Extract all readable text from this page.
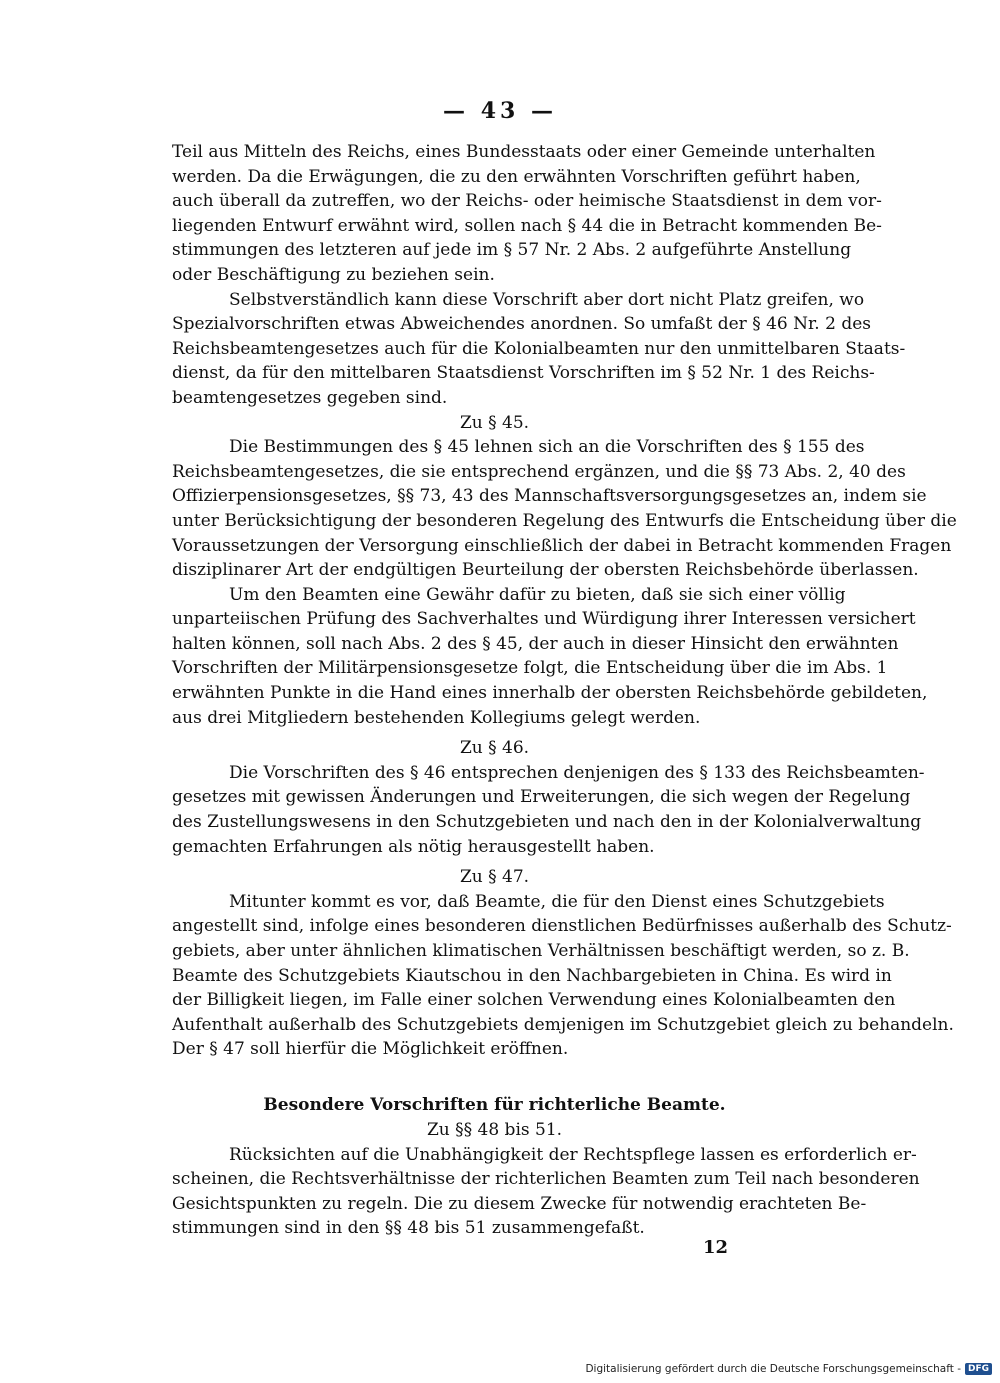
— 43 —
Teil aus Mitteln des Reichs, eines Bundesstaats oder einer Gemeinde unterhalten
werden. Da die Erwägungen, die zu den erwähnten Vorschriften geführt haben,
auch überall da zutreffen, wo der Reichs- oder heimische Staatsdienst in dem vor-
liegenden Entwurf erwähnt wird, sollen nach § 44 die in Betracht kommenden Be-
stimmungen des letzteren auf jede im § 57 Nr. 2 Abs. 2 aufgeführte Anstellung
oder Beschäftigung zu beziehen sein.
Selbstverständlich kann diese Vorschrift aber dort nicht Platz greifen, wo
Spezialvorschriften etwas Abweichendes anordnen. So umfaßt der § 46 Nr. 2 des
Reichsbeamtengesetzes auch für die Kolonialbeamten nur den unmittelbaren Staats-
dienst, da für den mittelbaren Staatsdienst Vorschriften im § 52 Nr. 1 des Reichs-
beamtengesetzes gegeben sind.
Zu § 45.
Die Bestimmungen des § 45 lehnen sich an die Vorschriften des § 155 des
Reichsbeamtengesetzes, die sie entsprechend ergänzen, und die §§ 73 Abs. 2, 40 des
Offizierpensionsgesetzes, §§ 73, 43 des Mannschaftsversorgungsgesetzes an, indem sie
unter Berücksichtigung der besonderen Regelung des Entwurfs die Entscheidung über die
Voraussetzungen der Versorgung einschließlich der dabei in Betracht kommenden Fragen
disziplinarer Art der endgültigen Beurteilung der obersten Reichsbehörde überlassen.
Um den Beamten eine Gewähr dafür zu bieten, daß sie sich einer völlig
unparteiischen Prüfung des Sachverhaltes und Würdigung ihrer Interessen versichert
halten können, soll nach Abs. 2 des § 45, der auch in dieser Hinsicht den erwähnten
Vorschriften der Militärpensionsgesetze folgt, die Entscheidung über die im Abs. 1
erwähnten Punkte in die Hand eines innerhalb der obersten Reichsbehörde gebildeten,
aus drei Mitgliedern bestehenden Kollegiums gelegt werden.
Zu § 46.
Die Vorschriften des § 46 entsprechen denjenigen des § 133 des Reichsbeamten-
gesetzes mit gewissen Änderungen und Erweiterungen, die sich wegen der Regelung
des Zustellungswesens in den Schutzgebieten und nach den in der Kolonialverwaltung
gemachten Erfahrungen als nötig herausgestellt haben.
Zu § 47.
Mitunter kommt es vor, daß Beamte, die für den Dienst eines Schutzgebiets
angestellt sind, infolge eines besonderen dienstlichen Bedürfnisses außerhalb des Schutz-
gebiets, aber unter ähnlichen klimatischen Verhältnissen beschäftigt werden, so z. B.
Beamte des Schutzgebiets Kiautschou in den Nachbargebieten in China. Es wird in
der Billigkeit liegen, im Falle einer solchen Verwendung eines Kolonialbeamten den
Aufenthalt außerhalb des Schutzgebiets demjenigen im Schutzgebiet gleich zu behandeln.
Der § 47 soll hierfür die Möglichkeit eröffnen.
Besondere Vorschriften für richterliche Beamte.
Zu §§ 48 bis 51.
Rücksichten auf die Unabhängigkeit der Rechtspflege lassen es erforderlich er-
scheinen, die Rechtsverhältnisse der richterlichen Beamten zum Teil nach besonderen
Gesichtspunkten zu regeln. Die zu diesem Zwecke für notwendig erachteten Be-
stimmungen sind in den §§ 48 bis 51 zusammengefaßt.
12
Digitalisierung gefördert durch die Deutsche Forschungsgemeinschaft - DFG
